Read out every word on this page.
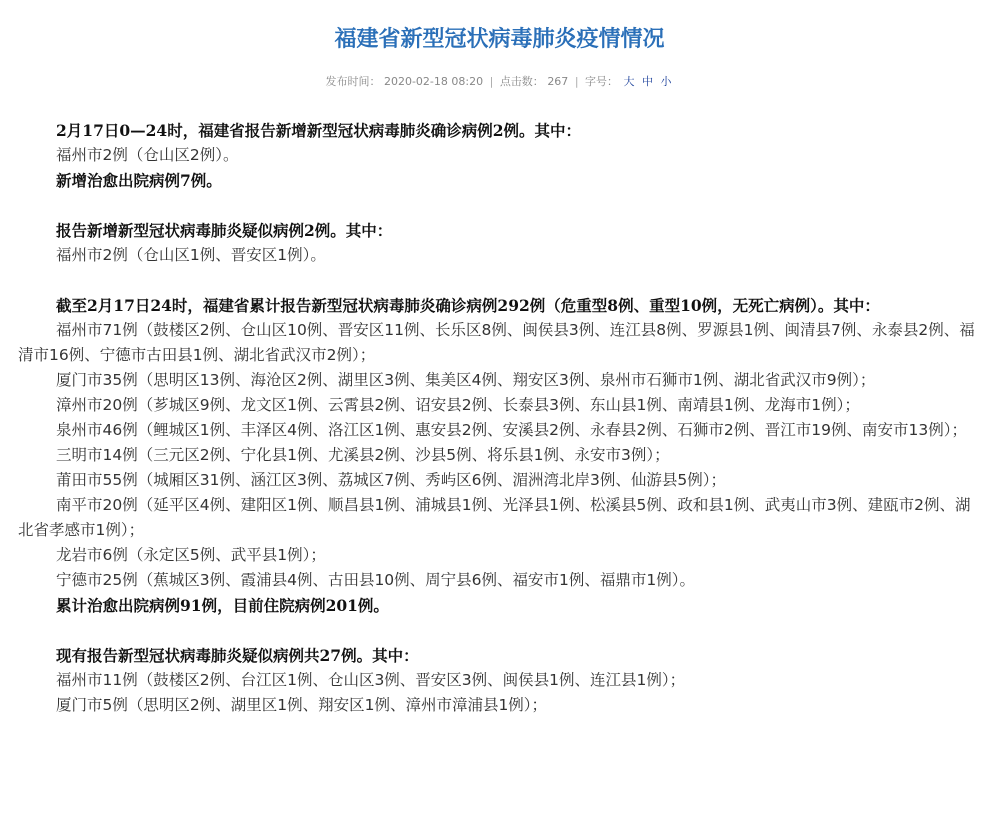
福建省新型冠状病毒肺炎疫情情况
发布时间： 2020-02-18 08:20 | 点击数： 267 | 字号： 大 中 小

2月17日0—24时，福建省报告新增新型冠状病毒肺炎确诊病例2例。其中：

福州市2例（仓山区2例）。

新增治愈出院病例7例。

报告新增新型冠状病毒肺炎疑似病例2例。其中：

福州市2例（仓山区1例、晋安区1例）。

截至2月17日24时，福建省累计报告新型冠状病毒肺炎确诊病例292例（危重型8例、重型10例，无死亡病例）。其中：

福州市71例（鼓楼区2例、仓山区10例、晋安区11例、长乐区8例、闽侯县3例、连江县8例、罗源县1例、闽清县7例、永泰县2例、福清市16例、宁德市古田县1例、湖北省武汉市2例）；

厦门市35例（思明区13例、海沧区2例、湖里区3例、集美区4例、翔安区3例、泉州市石狮市1例、湖北省武汉市9例）；

漳州市20例（芗城区9例、龙文区1例、云霄县2例、诏安县2例、长泰县3例、东山县1例、南靖县1例、龙海市1例）；

泉州市46例（鲤城区1例、丰泽区4例、洛江区1例、惠安县2例、安溪县2例、永春县2例、石狮市2例、晋江市19例、南安市13例）；

三明市14例（三元区2例、宁化县1例、尤溪县2例、沙县5例、将乐县1例、永安市3例）；

莆田市55例（城厢区31例、涵江区3例、荔城区7例、秀屿区6例、湄洲湾北岸3例、仙游县5例）；

南平市20例（延平区4例、建阳区1例、顺昌县1例、浦城县1例、光泽县1例、松溪县5例、政和县1例、武夷山市3例、建瓯市2例、湖北省孝感市1例）；

龙岩市6例（永定区5例、武平县1例）；

宁德市25例（蕉城区3例、霞浦县4例、古田县10例、周宁县6例、福安市1例、福鼎市1例）。

累计治愈出院病例91例，目前住院病例201例。

现有报告新型冠状病毒肺炎疑似病例共27例。其中：

福州市11例（鼓楼区2例、台江区1例、仓山区3例、晋安区3例、闽侯县1例、连江县1例）；

厦门市5例（思明区2例、湖里区1例、翔安区1例、漳州市漳浦县1例）；
